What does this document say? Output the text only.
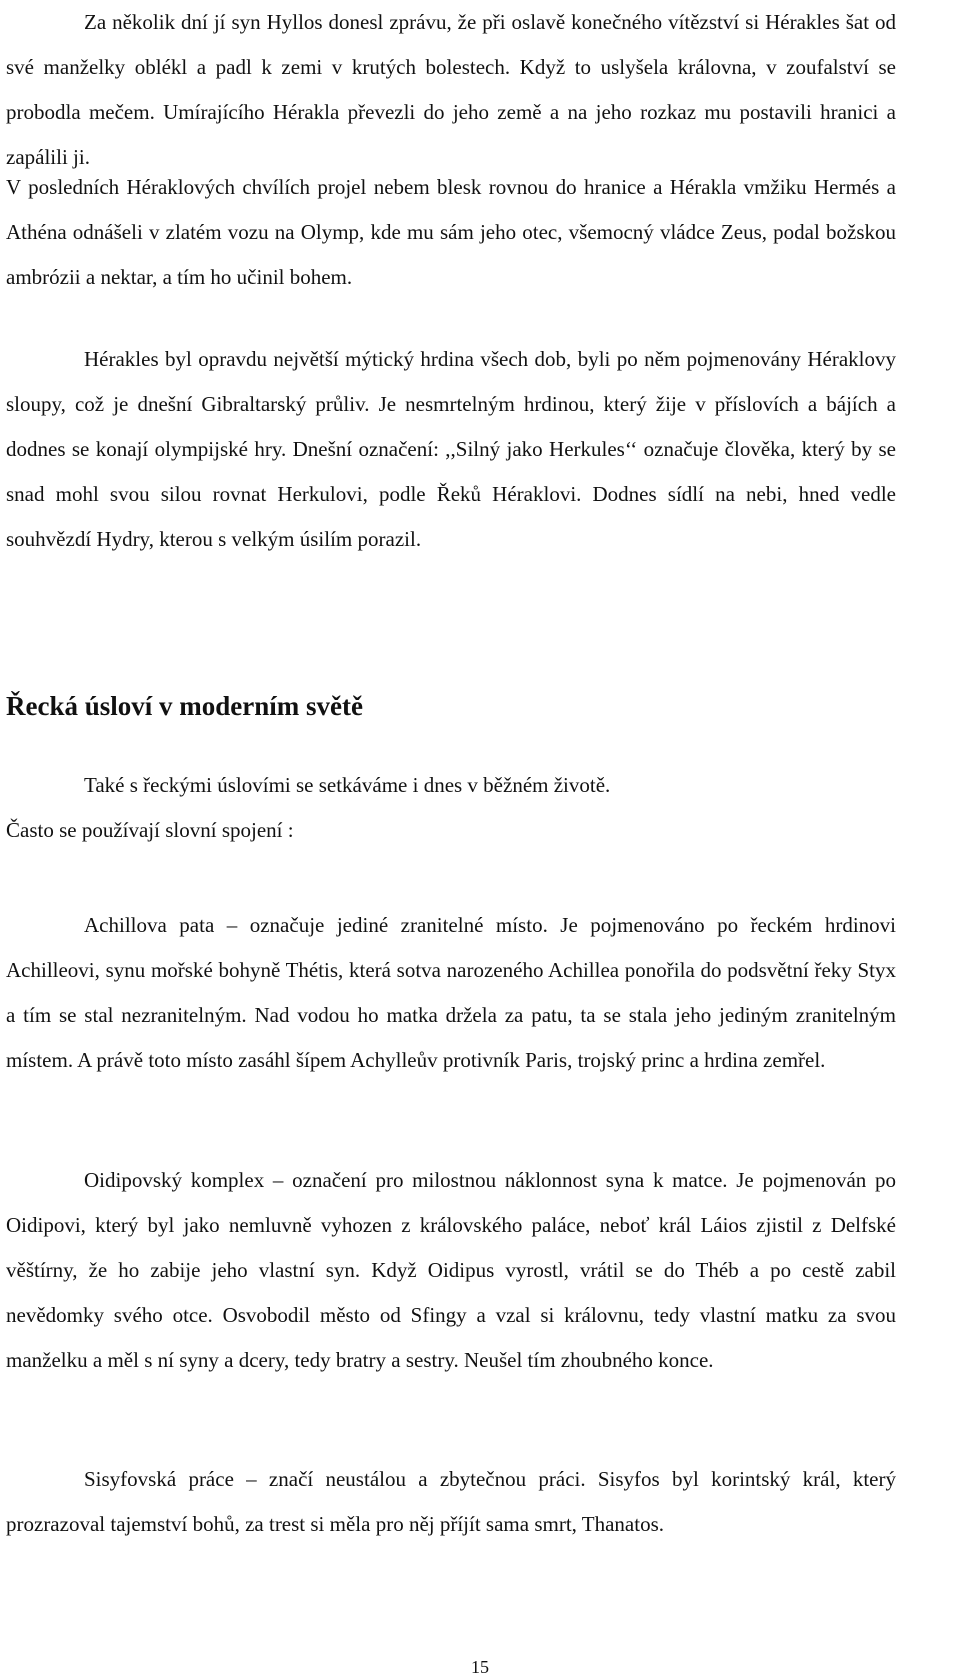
Za několik dní jí syn Hyllos donesl zprávu, že při oslavě konečného vítězství si Hérakles šat od své manželky oblékl a padl k zemi v krutých bolestech. Když to uslyšela královna, v zoufalství se probodla mečem. Umírajícího Hérakla převezli do jeho země a na jeho rozkaz mu postavili hranici a zapálili ji.

V posledních Héraklových chvílích projel nebem blesk rovnou do hranice a Hérakla vmžiku Hermés a Athéna odnášeli v zlatém vozu na Olymp, kde mu sám jeho otec, všemocný vládce Zeus, podal božskou ambrózii a nektar, a tím ho učinil bohem.

Hérakles byl opravdu největší mýtický hrdina všech dob, byli po něm pojmenovány Héraklovy sloupy, což je dnešní Gibraltarský průliv. Je nesmrtelným hrdinou, který žije v příslovích a bájích a dodnes se konají olympijské hry. Dnešní označení: ,,Silný jako Herkules‘‘ označuje člověka, který by se snad mohl svou silou rovnat Herkulovi, podle Řeků Héraklovi. Dodnes sídlí na nebi, hned vedle souhvězdí Hydry, kterou s velkým úsilím porazil.

Řecká úsloví v moderním světě

Také s řeckými úslovími se setkáváme i dnes v běžném životě.

Často se používají slovní spojení :

Achillova pata – označuje jediné zranitelné místo. Je pojmenováno po řeckém hrdinovi Achilleovi, synu mořské bohyně Thétis, která sotva narozeného Achillea ponořila do podsvětní řeky Styx a tím se stal nezranitelným. Nad vodou ho matka držela za patu, ta se stala jeho jediným zranitelným místem. A právě toto místo zasáhl šípem Achylleův protivník Paris, trojský princ a hrdina zemřel.

Oidipovský komplex – označení pro milostnou náklonnost syna k matce. Je pojmenován po Oidipovi, který byl jako nemluvně vyhozen z královského paláce, neboť král Láios zjistil z Delfské věštírny, že ho zabije jeho vlastní syn. Když Oidipus vyrostl, vrátil se do Théb a po cestě zabil nevědomky svého otce. Osvobodil město od Sfingy a vzal si královnu, tedy vlastní matku za svou manželku a měl s ní syny a dcery, tedy bratry a sestry. Neušel tím zhoubného konce.

Sisyfovská práce – značí neustálou a zbytečnou práci. Sisyfos byl korintský král, který prozrazoval tajemství bohů, za trest si měla pro něj příjít sama smrt, Thanatos.

15
